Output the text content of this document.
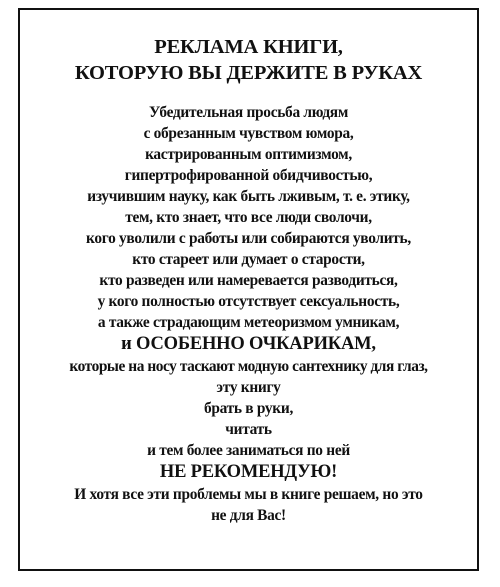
РЕКЛАМА КНИГИ,
КОТОРУЮ ВЫ ДЕРЖИТЕ В РУКАХ
Убедительная просьба людям
с обрезанным чувством юмора,
кастрированным оптимизмом,
гипертрофированной обидчивостью,
изучившим науку, как быть лживым, т. е. этику,
тем, кто знает, что все люди сволочи,
кого уволили с работы или собираются уволить,
кто стареет или думает о старости,
кто разведен или намеревается разводиться,
у кого полностью отсутствует сексуальность,
а также страдающим метеоризмом умникам,
и ОСОБЕННО ОЧКАРИКАМ,
которые на носу таскают модную сантехнику для глаз,
эту книгу
брать в руки,
читать
и тем более заниматься по ней
НЕ РЕКОМЕНДУЮ!
И хотя все эти проблемы мы в книге решаем, но это
не для Вас!
